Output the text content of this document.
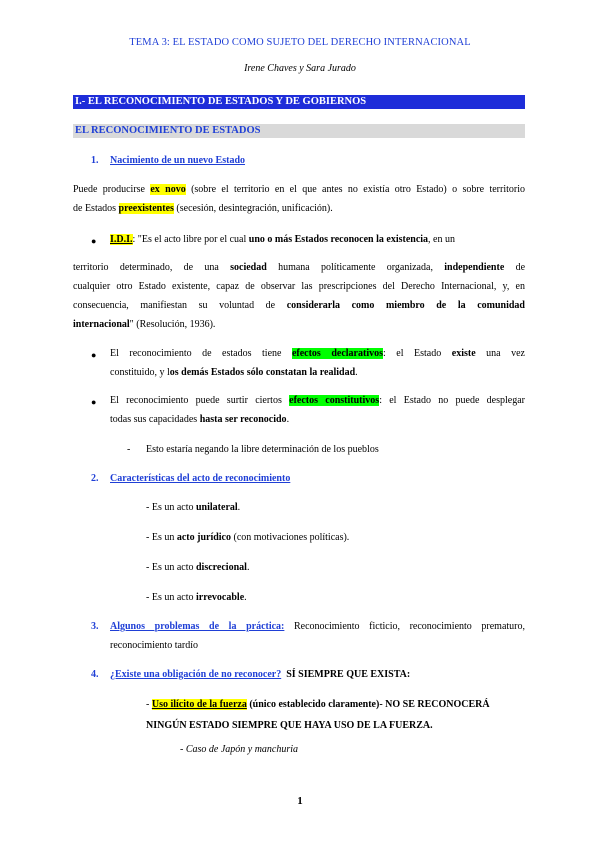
TEMA 3: EL ESTADO COMO SUJETO DEL DERECHO INTERNACIONAL
Irene Chaves y Sara Jurado
I.- EL RECONOCIMIENTO DE ESTADOS Y DE GOBIERNOS
EL RECONOCIMIENTO DE ESTADOS
1. Nacimiento de un nuevo Estado
Puede producirse ex novo (sobre el territorio en el que antes no existía otro Estado) o sobre territorio
de Estados preexistentes (secesión, desintegración, unificación).
● I.D.I.: "Es el acto libre por el cual uno o más Estados reconocen la existencia, en un
territorio determinado, de una sociedad humana políticamente organizada, independiente de
cualquier otro Estado existente, capaz de observar las prescripciones del Derecho Internacional, y, en
consecuencia, manifiestan su voluntad de considerarla como miembro de la comunidad
internacional" (Resolución, 1936).
● El reconocimiento de estados tiene efectos declarativos: el Estado existe una vez
constituido, y los demás Estados sólo constatan la realidad.
● El reconocimiento puede surtir ciertos efectos constitutivos: el Estado no puede desplegar
todas sus capacidades hasta ser reconocido.
- Esto estaría negando la libre determinación de los pueblos
2. Características del acto de reconocimiento
- Es un acto unilateral.
- Es un acto jurídico (con motivaciones políticas).
- Es un acto discrecional.
- Es un acto irrevocable.
3. Algunos problemas de la práctica: Reconocimiento ficticio, reconocimiento prematuro,
reconocimiento tardío
4. ¿Existe una obligación de no reconocer? SÍ SIEMPRE QUE EXISTA:
- Uso ilícito de la fuerza (único establecido claramente)- NO SE RECONOCERÁ
NINGÚN ESTADO SIEMPRE QUE HAYA USO DE LA FUERZA.
- Caso de Japón y manchuria
1
